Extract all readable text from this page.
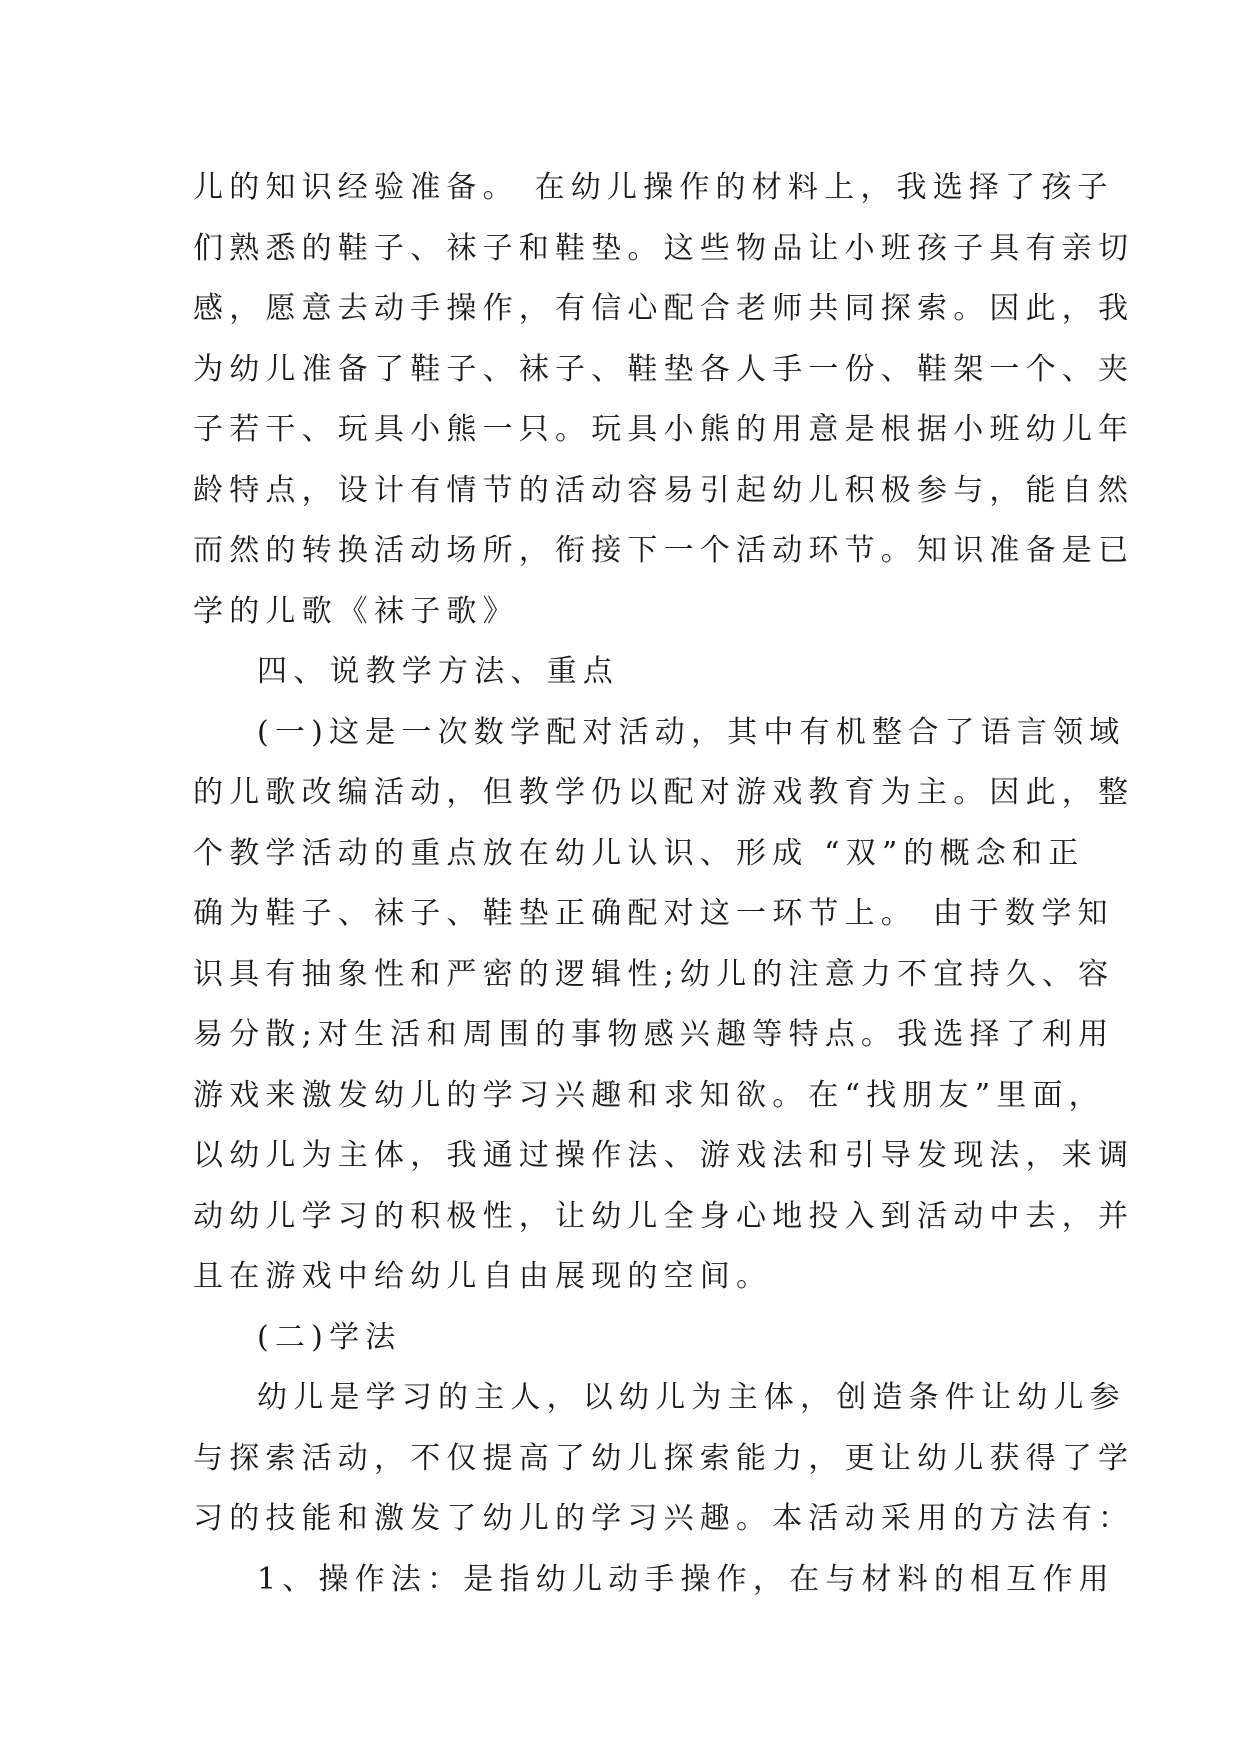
儿的知识经验准备。 在幼儿操作的材料上，我选择了孩子
们熟悉的鞋子、袜子和鞋垫。这些物品让小班孩子具有亲切
感，愿意去动手操作，有信心配合老师共同探索。因此，我
为幼儿准备了鞋子、袜子、鞋垫各人手一份、鞋架一个、夹
子若干、玩具小熊一只。玩具小熊的用意是根据小班幼儿年
龄特点，设计有情节的活动容易引起幼儿积极参与，能自然
而然的转换活动场所，衔接下一个活动环节。知识准备是已
学的儿歌《袜子歌》
四、说教学方法、重点
(一)这是一次数学配对活动，其中有机整合了语言领域
的儿歌改编活动，但教学仍以配对游戏教育为主。因此，整
个教学活动的重点放在幼儿认识、形成 “双”的概念和正
确为鞋子、袜子、鞋垫正确配对这一环节上。 由于数学知
识具有抽象性和严密的逻辑性;幼儿的注意力不宜持久、容
易分散;对生活和周围的事物感兴趣等特点。我选择了利用
游戏来激发幼儿的学习兴趣和求知欲。在“找朋友”里面，
以幼儿为主体，我通过操作法、游戏法和引导发现法，来调
动幼儿学习的积极性，让幼儿全身心地投入到活动中去，并
且在游戏中给幼儿自由展现的空间。
(二)学法
幼儿是学习的主人，以幼儿为主体，创造条件让幼儿参
与探索活动，不仅提高了幼儿探索能力，更让幼儿获得了学
习的技能和激发了幼儿的学习兴趣。本活动采用的方法有：
1、操作法：是指幼儿动手操作，在与材料的相互作用
